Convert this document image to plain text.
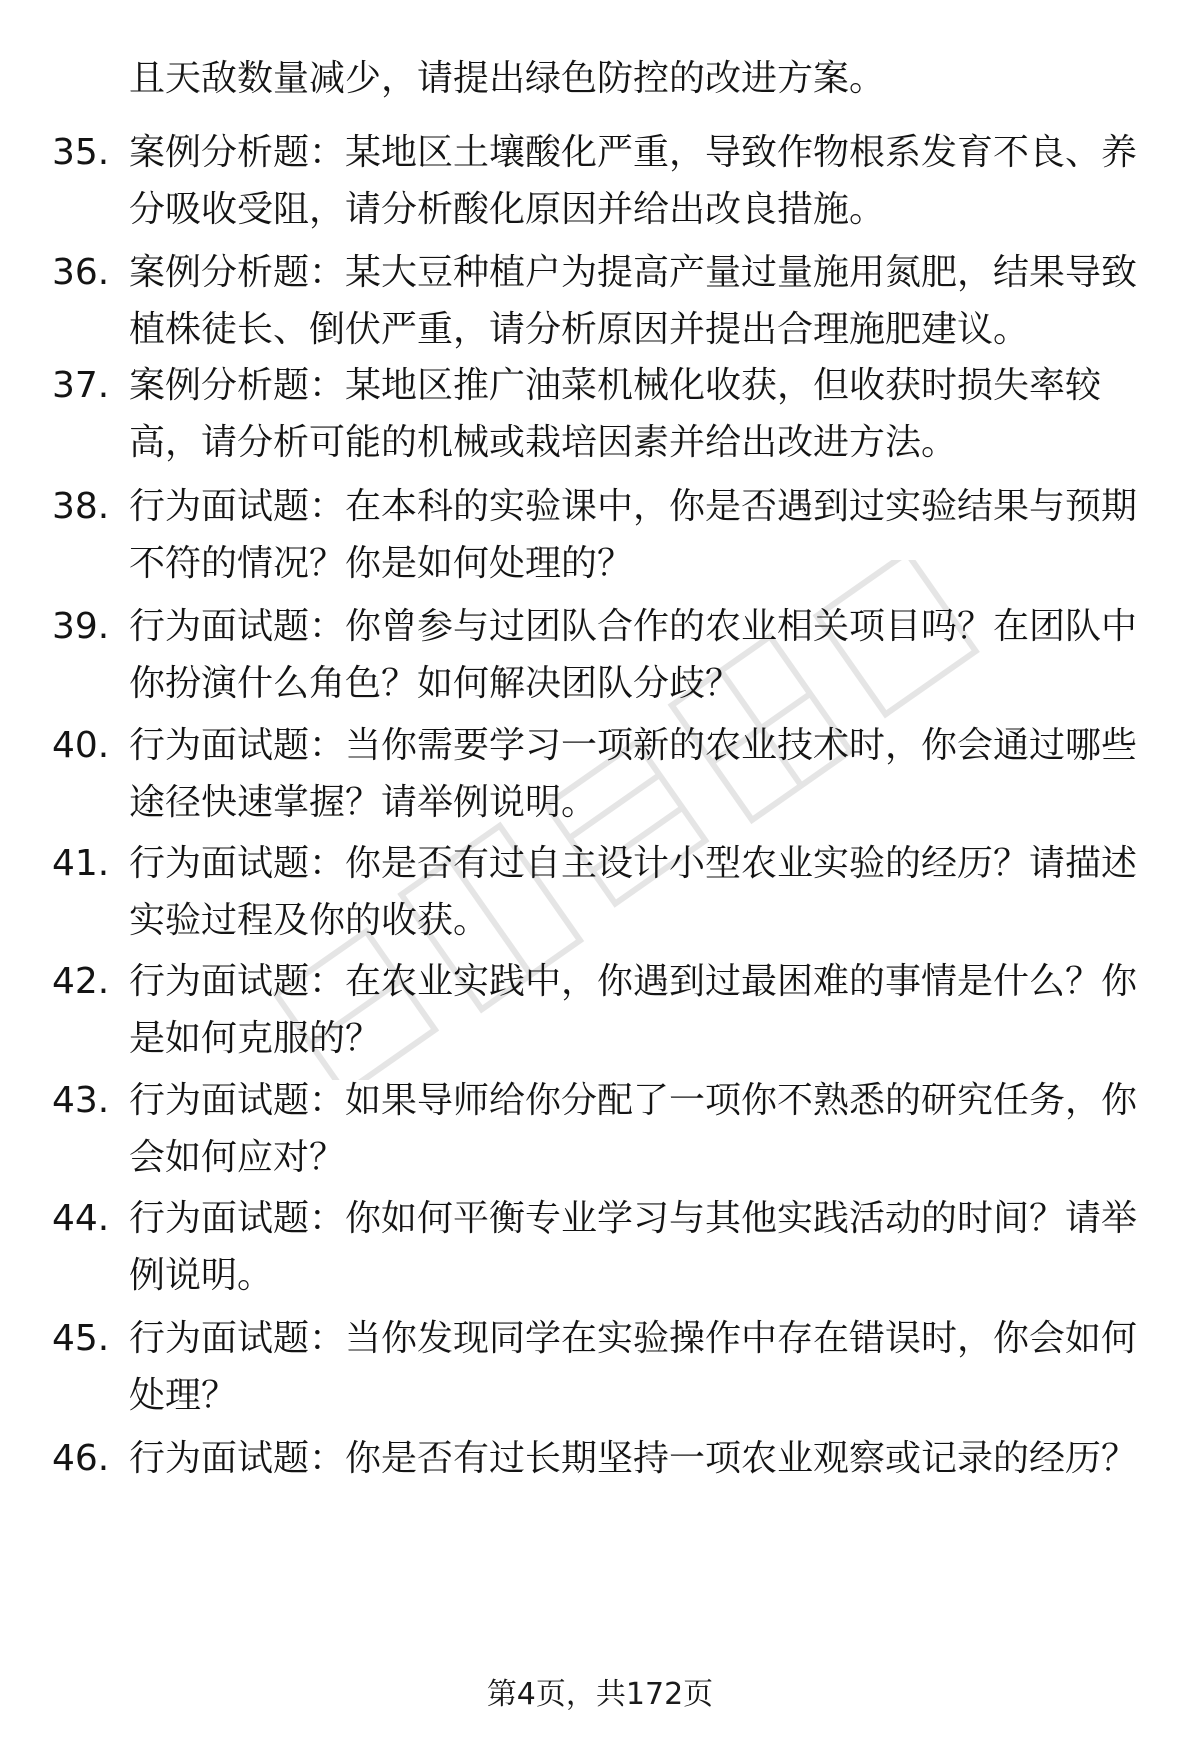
且天敌数量减少，请提出绿色防控的改进方案。
35. 案例分析题：某地区土壤酸化严重，导致作物根系发育不良、养
分吸收受阻，请分析酸化原因并给出改良措施。
36. 案例分析题：某大豆种植户为提高产量过量施用氮肥，结果导致
植株徒长、倒伏严重，请分析原因并提出合理施肥建议。
37. 案例分析题：某地区推广油菜机械化收获，但收获时损失率较
高，请分析可能的机械或栽培因素并给出改进方法。
38. 行为面试题：在本科的实验课中，你是否遇到过实验结果与预期
不符的情况？你是如何处理的？
39. 行为面试题：你曾参与过团队合作的农业相关项目吗？在团队中
你扮演什么角色？如何解决团队分歧？
40. 行为面试题：当你需要学习一项新的农业技术时，你会通过哪些
途径快速掌握？请举例说明。
41. 行为面试题：你是否有过自主设计小型农业实验的经历？请描述
实验过程及你的收获。
42. 行为面试题：在农业实践中，你遇到过最困难的事情是什么？你
是如何克服的？
43. 行为面试题：如果导师给你分配了一项你不熟悉的研究任务，你
会如何应对？
44. 行为面试题：你如何平衡专业学习与其他实践活动的时间？请举
例说明。
45. 行为面试题：当你发现同学在实验操作中存在错误时，你会如何
处理？
46. 行为面试题：你是否有过长期坚持一项农业观察或记录的经历？
第4页，共172页
